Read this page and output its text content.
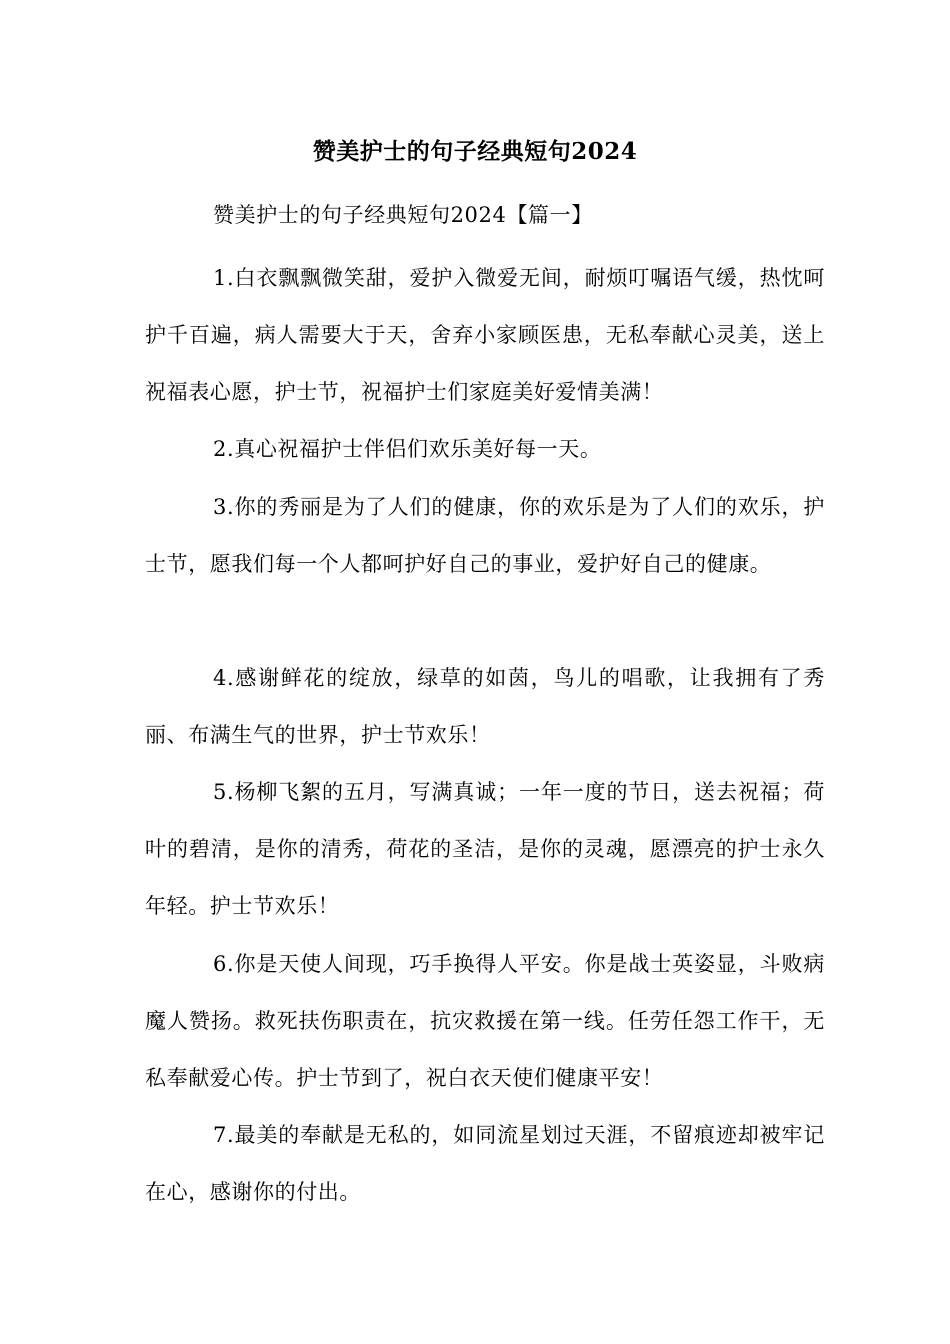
赞美护士的句子经典短句2024

赞美护士的句子经典短句2024【篇一】

1.白衣飘飘微笑甜，爱护入微爱无间，耐烦叮嘱语气缓，热忱呵护千百遍，病人需要大于天，舍弃小家顾医患，无私奉献心灵美，送上祝福表心愿，护士节，祝福护士们家庭美好爱情美满！

2.真心祝福护士伴侣们欢乐美好每一天。

3.你的秀丽是为了人们的健康，你的欢乐是为了人们的欢乐，护士节，愿我们每一个人都呵护好自己的事业，爱护好自己的健康。

4.感谢鲜花的绽放，绿草的如茵，鸟儿的唱歌，让我拥有了秀丽、布满生气的世界，护士节欢乐！

5.杨柳飞絮的五月，写满真诚；一年一度的节日，送去祝福；荷叶的碧清，是你的清秀，荷花的圣洁，是你的灵魂，愿漂亮的护士永久年轻。护士节欢乐！

6.你是天使人间现，巧手换得人平安。你是战士英姿显，斗败病魔人赞扬。救死扶伤职责在，抗灾救援在第一线。任劳任怨工作干，无私奉献爱心传。护士节到了，祝白衣天使们健康平安！

7.最美的奉献是无私的，如同流星划过天涯，不留痕迹却被牢记在心，感谢你的付出。
